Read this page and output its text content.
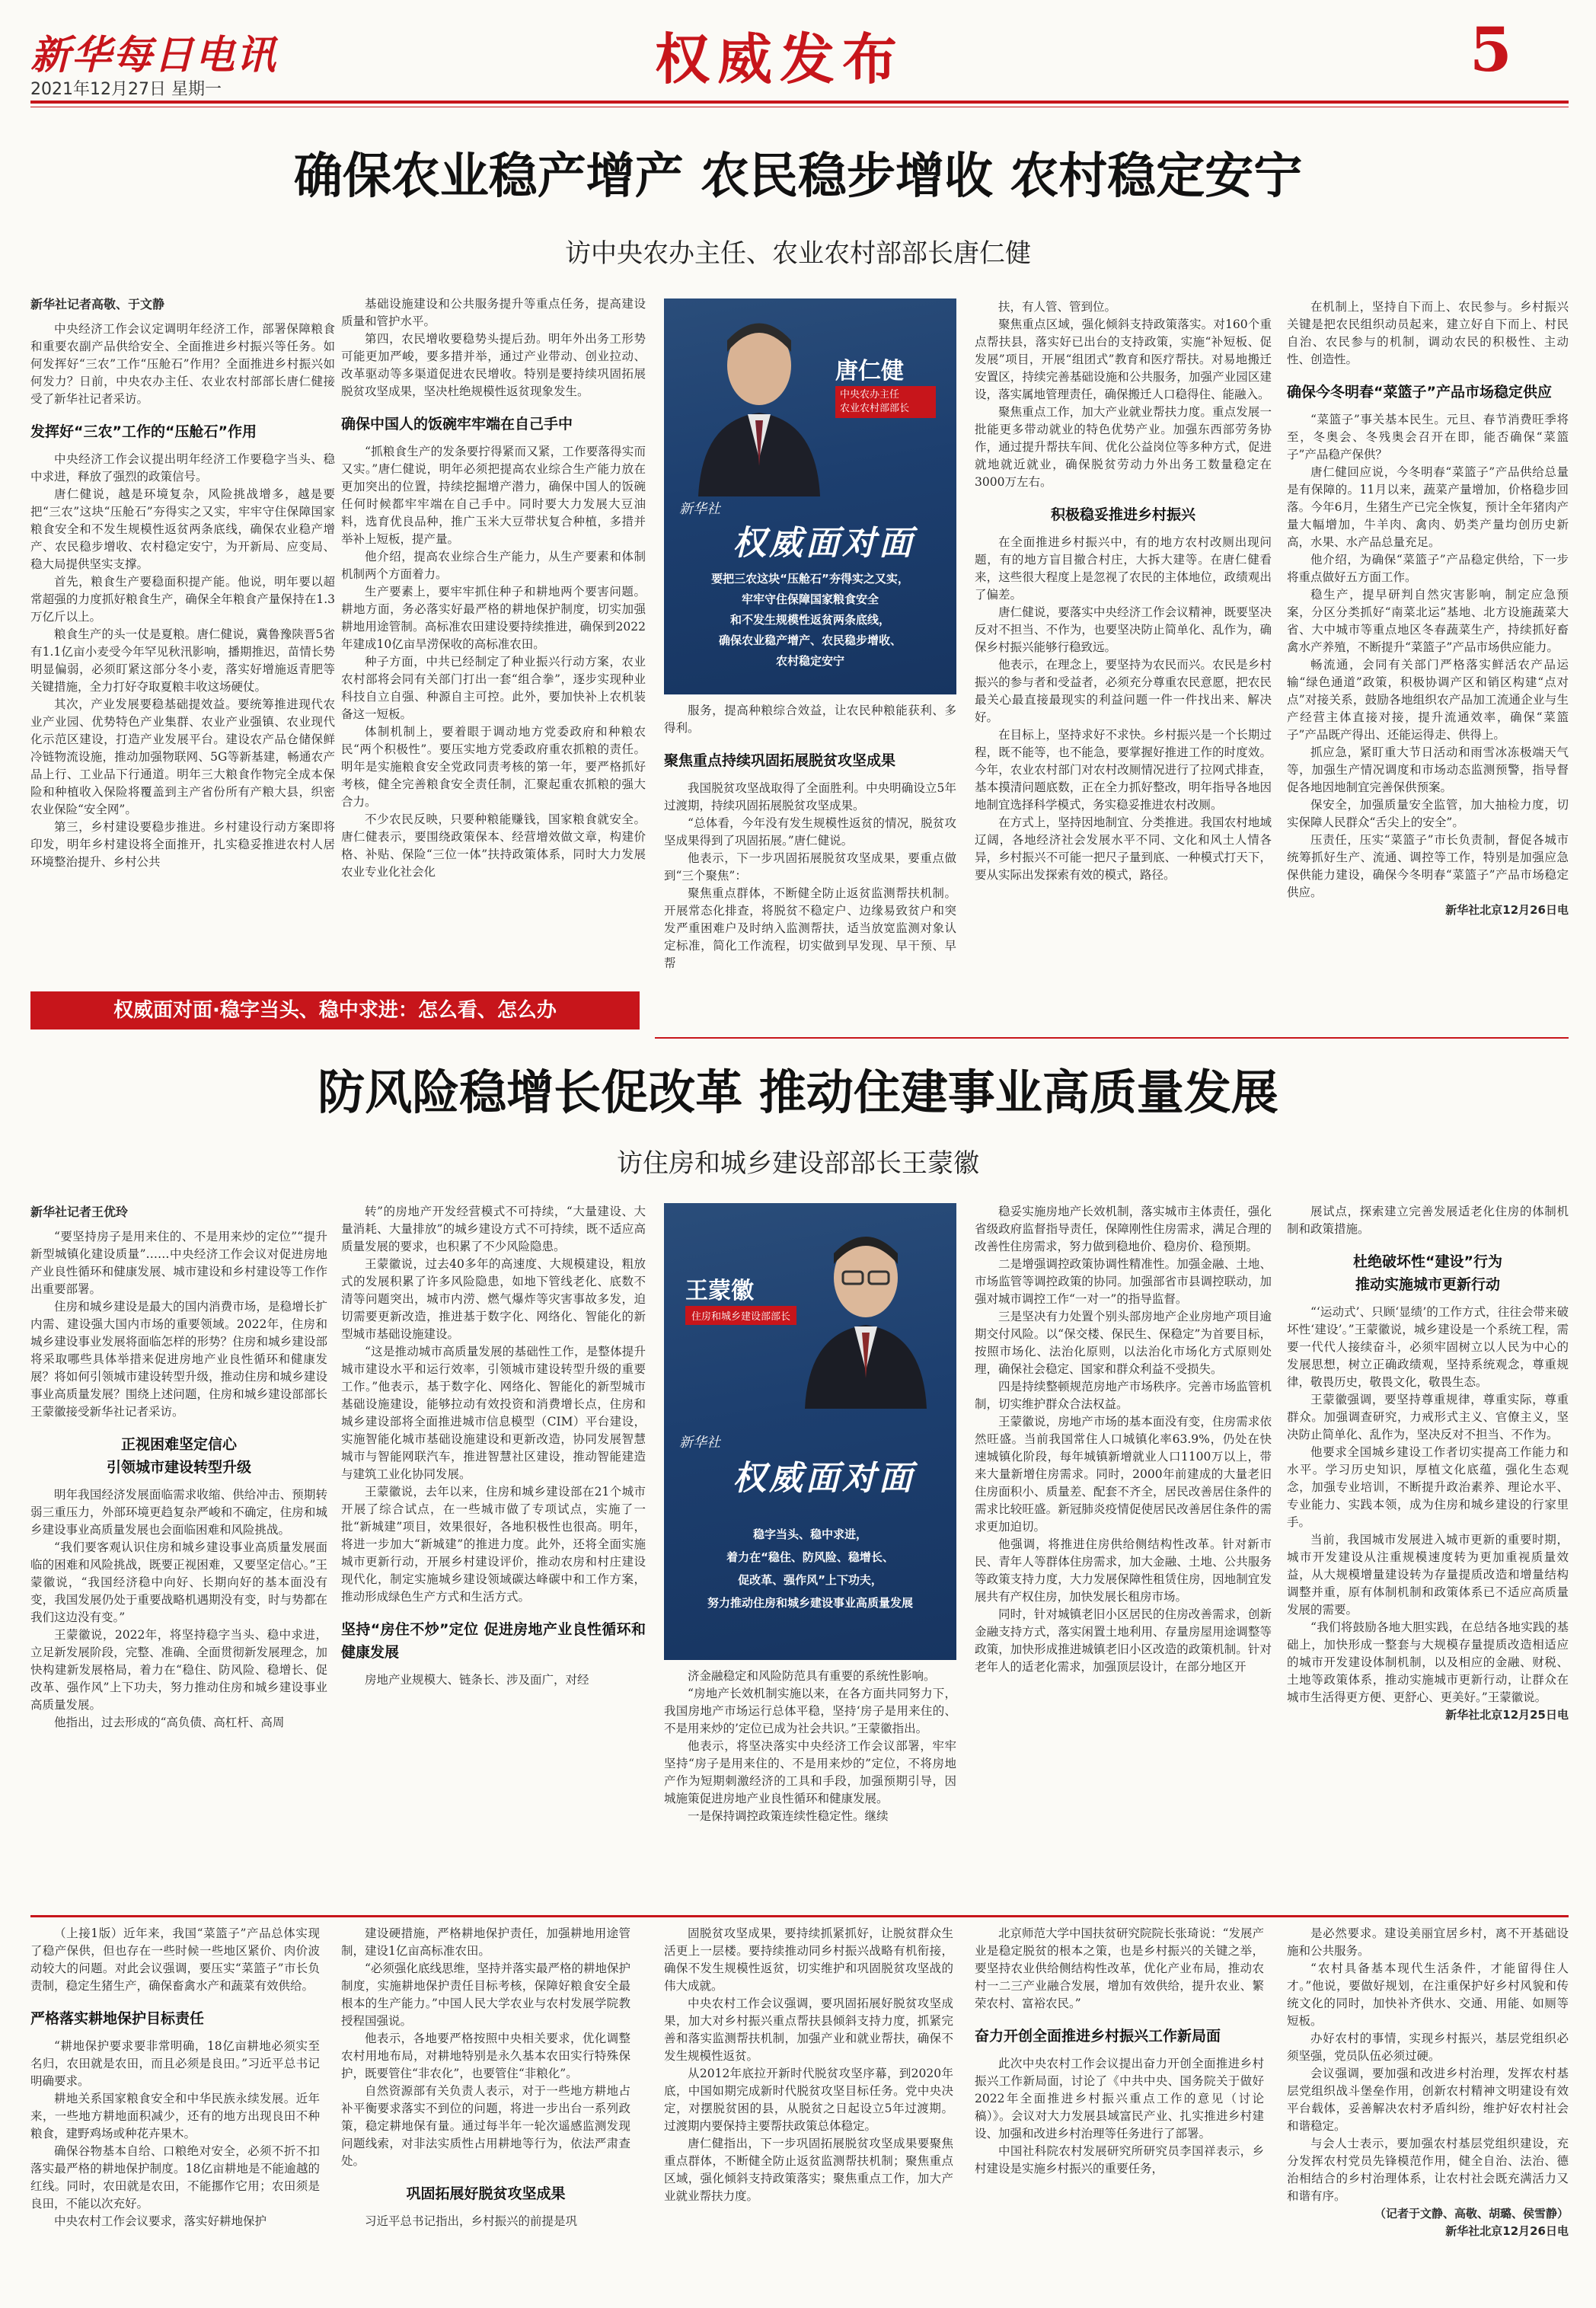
新华每日电讯
2021年12月27日 星期一	权威发布	5
确保农业稳产增产 农民稳步增收 农村稳定安宁
访中央农办主任、农业农村部部长唐仁健

新华社记者高敬、于文静

中央经济工作会议定调明年经济工作，部署保障粮食和重要农副产品供给安全、全面推进乡村振兴等任务。如何发挥好“三农”工作“压舱石”作用？全面推进乡村振兴如何发力？日前，中央农办主任、农业农村部部长唐仁健接受了新华社记者采访。

发挥好“三农”工作的“压舱石”作用

中央经济工作会议提出明年经济工作要稳字当头、稳中求进，释放了强烈的政策信号。

唐仁健说，越是环境复杂，风险挑战增多，越是要把“三农”这块“压舱石”夯得实之又实，牢牢守住保障国家粮食安全和不发生规模性返贫两条底线，确保农业稳产增产、农民稳步增收、农村稳定安宁，为开新局、应变局、稳大局提供坚实支撑。

首先，粮食生产要稳面积提产能。他说，明年要以超常超强的力度抓好粮食生产，确保全年粮食产量保持在1.3万亿斤以上。

粮食生产的头一仗是夏粮。唐仁健说，冀鲁豫陕晋5省有1.1亿亩小麦受今年罕见秋汛影响，播期推迟，苗情长势明显偏弱，必须盯紧这部分冬小麦，落实好增施返青肥等关键措施，全力打好夺取夏粮丰收这场硬仗。

其次，产业发展要稳基础提效益。要统筹推进现代农业产业园、优势特色产业集群、农业产业强镇、农业现代化示范区建设，打造产业发展平台。建设农产品仓储保鲜冷链物流设施，推动加强物联网、5G等新基建，畅通农产品上行、工业品下行通道。明年三大粮食作物完全成本保险和种植收入保险将覆盖到主产省份所有产粮大县，织密农业保险“安全网”。

第三，乡村建设要稳步推进。乡村建设行动方案即将印发，明年乡村建设将全面推开，扎实稳妥推进农村人居环境整治提升、乡村公共

基础设施建设和公共服务提升等重点任务，提高建设质量和管护水平。

第四，农民增收要稳势头提后劲。明年外出务工形势可能更加严峻，要多措并举，通过产业带动、创业拉动、改革驱动等多渠道促进农民增收。特别是要持续巩固拓展脱贫攻坚成果，坚决杜绝规模性返贫现象发生。

确保中国人的饭碗牢牢端在自己手中

“抓粮食生产的发条要拧得紧而又紧，工作要落得实而又实。”唐仁健说，明年必须把提高农业综合生产能力放在更加突出的位置，持续挖掘增产潜力，确保中国人的饭碗任何时候都牢牢端在自己手中。同时要大力发展大豆油料，选育优良品种，推广玉米大豆带状复合种植，多措并举补上短板，提产量。

他介绍，提高农业综合生产能力，从生产要素和体制机制两个方面着力。

生产要素上，要牢牢抓住种子和耕地两个要害问题。耕地方面，务必落实好最严格的耕地保护制度，切实加强耕地用途管制。高标准农田建设要持续推进，确保到2022年建成10亿亩旱涝保收的高标准农田。

种子方面，中共已经制定了种业振兴行动方案，农业农村部将会同有关部门打出一套“组合拳”，逐步实现种业科技自立自强、种源自主可控。此外，要加快补上农机装备这一短板。

体制机制上，要着眼于调动地方党委政府和种粮农民“两个积极性”。要压实地方党委政府重农抓粮的责任。明年是实施粮食安全党政同责考核的第一年，要严格抓好考核，健全完善粮食安全责任制，汇聚起重农抓粮的强大合力。

不少农民反映，只要种粮能赚钱，国家粮食就安全。唐仁健表示，要围绕政策保本、经营增效做文章，构建价格、补贴、保险“三位一体”扶持政策体系，同时大力发展农业专业化社会化

唐仁健
中央农办主任
农业农村部部长
新华社
权威面对面
要把三农这块“压舱石”夯得实之又实，
牢牢守住保障国家粮食安全
和不发生规模性返贫两条底线，
确保农业稳产增产、农民稳步增收、
农村稳定安宁

服务，提高种粮综合效益，让农民种粮能获利、多得利。

聚焦重点持续巩固拓展脱贫攻坚成果

我国脱贫攻坚战取得了全面胜利。中央明确设立5年过渡期，持续巩固拓展脱贫攻坚成果。

“总体看，今年没有发生规模性返贫的情况，脱贫攻坚成果得到了巩固拓展。”唐仁健说。

他表示，下一步巩固拓展脱贫攻坚成果，要重点做到“三个聚焦”：

聚焦重点群体，不断健全防止返贫监测帮扶机制。开展常态化排查，将脱贫不稳定户、边缘易致贫户和突发严重困难户及时纳入监测帮扶，适当放宽监测对象认定标准，简化工作流程，切实做到早发现、早干预、早帮

扶，有人管、管到位。

聚焦重点区域，强化倾斜支持政策落实。对160个重点帮扶县，落实好已出台的支持政策，实施“补短板、促发展”项目，开展“组团式”教育和医疗帮扶。对易地搬迁安置区，持续完善基础设施和公共服务，加强产业园区建设，落实属地管理责任，确保搬迁人口稳得住、能融入。

聚焦重点工作，加大产业就业帮扶力度。重点发展一批能更多带动就业的特色优势产业。加强东西部劳务协作，通过提升帮扶车间、优化公益岗位等多种方式，促进就地就近就业，确保脱贫劳动力外出务工数量稳定在3000万左右。

积极稳妥推进乡村振兴

在全面推进乡村振兴中，有的地方农村改厕出现问题，有的地方盲目撤合村庄，大拆大建等。在唐仁健看来，这些很大程度上是忽视了农民的主体地位，政绩观出了偏差。

唐仁健说，要落实中央经济工作会议精神，既要坚决反对不担当、不作为，也要坚决防止简单化、乱作为，确保乡村振兴能够行稳致远。

他表示，在理念上，要坚持为农民而兴。农民是乡村振兴的参与者和受益者，必须充分尊重农民意愿，把农民最关心最直接最现实的利益问题一件一件找出来、解决好。

在目标上，坚持求好不求快。乡村振兴是一个长期过程，既不能等，也不能急，要掌握好推进工作的时度效。今年，农业农村部门对农村改厕情况进行了拉网式排查，基本摸清问题底数，正在全力抓好整改，明年指导各地因地制宜选择科学模式，务实稳妥推进农村改厕。

在方式上，坚持因地制宜、分类推进。我国农村地域辽阔，各地经济社会发展水平不同、文化和风土人情各异，乡村振兴不可能一把尺子量到底、一种模式打天下，要从实际出发探索有效的模式，路径。

在机制上，坚持自下而上、农民参与。乡村振兴关键是把农民组织动员起来，建立好自下而上、村民自治、农民参与的机制，调动农民的积极性、主动性、创造性。

确保今冬明春“菜篮子”产品市场稳定供应

“菜篮子”事关基本民生。元旦、春节消费旺季将至，冬奥会、冬残奥会召开在即，能否确保“菜篮子”产品稳产保供？

唐仁健回应说，今冬明春“菜篮子”产品供给总量是有保障的。11月以来，蔬菜产量增加，价格稳步回落。今年6月，生猪生产已完全恢复，预计全年猪肉产量大幅增加，牛羊肉、禽肉、奶类产量均创历史新高，水果、水产品总量充足。

他介绍，为确保“菜篮子”产品稳定供给，下一步将重点做好五方面工作。

稳生产，提早研判自然灾害影响，制定应急预案，分区分类抓好“南菜北运”基地、北方设施蔬菜大省、大中城市等重点地区冬春蔬菜生产，持续抓好畜禽水产养殖，不断提升“菜篮子”产品市场供应能力。

畅流通，会同有关部门严格落实鲜活农产品运输“绿色通道”政策，积极协调产区和销区构建“点对点”对接关系，鼓励各地组织农产品加工流通企业与生产经营主体直接对接，提升流通效率，确保“菜篮子”产品既产得出、还能运得走、供得上。

抓应急，紧盯重大节日活动和雨雪冰冻极端天气等，加强生产情况调度和市场动态监测预警，指导督促各地因地制宜完善保供预案。

保安全，加强质量安全监管，加大抽检力度，切实保障人民群众“舌尖上的安全”。

压责任，压实“菜篮子”市长负责制，督促各城市统筹抓好生产、流通、调控等工作，特别是加强应急保供能力建设，确保今冬明春“菜篮子”产品市场稳定供应。

新华社北京12月26日电

权威面对面·稳字当头、稳中求进：怎么看、怎么办
防风险稳增长促改革 推动住建事业高质量发展
访住房和城乡建设部部长王蒙徽

新华社记者王优玲

“要坚持房子是用来住的、不是用来炒的定位”“提升新型城镇化建设质量”……中央经济工作会议对促进房地产业良性循环和健康发展、城市建设和乡村建设等工作作出重要部署。

住房和城乡建设是最大的国内消费市场，是稳增长扩内需、建设强大国内市场的重要领域。2022年，住房和城乡建设事业发展将面临怎样的形势？住房和城乡建设部将采取哪些具体举措来促进房地产业良性循环和健康发展？将如何引领城市建设转型升级，推动住房和城乡建设事业高质量发展？围绕上述问题，住房和城乡建设部部长王蒙徽接受新华社记者采访。

正视困难坚定信心
引领城市建设转型升级

明年我国经济发展面临需求收缩、供给冲击、预期转弱三重压力，外部环境更趋复杂严峻和不确定，住房和城乡建设事业高质量发展也会面临困难和风险挑战。

“我们要客观认识住房和城乡建设事业高质量发展面临的困难和风险挑战，既要正视困难，又要坚定信心。”王蒙徽说，“我国经济稳中向好、长期向好的基本面没有变，我国发展仍处于重要战略机遇期没有变，时与势都在我们这边没有变。”

王蒙徽说，2022年，将坚持稳字当头、稳中求进，立足新发展阶段，完整、准确、全面贯彻新发展理念，加快构建新发展格局，着力在“稳住、防风险、稳增长、促改革、强作风”上下功夫，努力推动住房和城乡建设事业高质量发展。

他指出，过去形成的“高负债、高杠杆、高周

转”的房地产开发经营模式不可持续，“大量建设、大量消耗、大量排放”的城乡建设方式不可持续，既不适应高质量发展的要求，也积累了不少风险隐患。

王蒙徽说，过去40多年的高速度、大规模建设，粗放式的发展积累了许多风险隐患，如地下管线老化、底数不清等问题突出，城市内涝、燃气爆炸等灾害事故多发，迫切需要更新改造，推进基于数字化、网络化、智能化的新型城市基础设施建设。

“这是推动城市高质量发展的基础性工作，是整体提升城市建设水平和运行效率，引领城市建设转型升级的重要工作。”他表示，基于数字化、网络化、智能化的新型城市基础设施建设，能够拉动有效投资和消费增长点，住房和城乡建设部将全面推进城市信息模型（CIM）平台建设，实施智能化城市基础设施建设和更新改造，协同发展智慧城市与智能网联汽车，推进智慧社区建设，推动智能建造与建筑工业化协同发展。

王蒙徽说，去年以来，住房和城乡建设部在21个城市开展了综合试点，在一些城市做了专项试点，实施了一批“新城建”项目，效果很好，各地积极性也很高。明年，将进一步加大“新城建”的推进力度。此外，还将全面实施城市更新行动，开展乡村建设评价，推动农房和村庄建设现代化，制定实施城乡建设领域碳达峰碳中和工作方案，推动形成绿色生产方式和生活方式。

坚持“房住不炒”定位 促进房地产业良性循环和健康发展

房地产业规模大、链条长、涉及面广，对经

王蒙徽
住房和城乡建设部部长
新华社
权威面对面
稳字当头、稳中求进，
着力在“稳住、防风险、稳增长、
促改革、强作风”上下功夫，
努力推动住房和城乡建设事业高质量发展

济金融稳定和风险防范具有重要的系统性影响。

“房地产长效机制实施以来，在各方面共同努力下，我国房地产市场运行总体平稳，坚持‘房子是用来住的、不是用来炒的’定位已成为社会共识。”王蒙徽指出。

他表示，将坚决落实中央经济工作会议部署，牢牢坚持“房子是用来住的、不是用来炒的”定位，不将房地产作为短期刺激经济的工具和手段，加强预期引导，因城施策促进房地产业良性循环和健康发展。

一是保持调控政策连续性稳定性。继续

稳妥实施房地产长效机制，落实城市主体责任，强化省级政府监督指导责任，保障刚性住房需求，满足合理的改善性住房需求，努力做到稳地价、稳房价、稳预期。

二是增强调控政策协调性精准性。加强金融、土地、市场监管等调控政策的协同。加强部省市县调控联动，加强对城市调控工作“一对一”的指导监督。

三是坚决有力处置个别头部房地产企业房地产项目逾期交付风险。以“保交楼、保民生、保稳定”为首要目标，按照市场化、法治化原则，以法治化市场化方式原则处理，确保社会稳定、国家和群众利益不受损失。

四是持续整顿规范房地产市场秩序。完善市场监管机制，切实维护群众合法权益。

王蒙徽说，房地产市场的基本面没有变，住房需求依然旺盛。当前我国常住人口城镇化率63.9%，仍处在快速城镇化阶段，每年城镇新增就业人口1100万以上，带来大量新增住房需求。同时，2000年前建成的大量老旧住房面积小、质量差、配套不齐全，居民改善居住条件的需求比较旺盛。新冠肺炎疫情促使居民改善居住条件的需求更加迫切。

他强调，将推进住房供给侧结构性改革。针对新市民、青年人等群体住房需求，加大金融、土地、公共服务等政策支持力度，大力发展保障性租赁住房，因地制宜发展共有产权住房，加快发展长租房市场。

同时，针对城镇老旧小区居民的住房改善需求，创新金融支持方式，落实闲置土地利用、存量房屋用途调整等政策，加快形成推进城镇老旧小区改造的政策机制。针对老年人的适老化需求，加强顶层设计，在部分地区开

展试点，探索建立完善发展适老化住房的体制机制和政策措施。

杜绝破坏性“建设”行为
推动实施城市更新行动

“‘运动式’、只顾‘显绩’的工作方式，往往会带来破坏性‘建设’。”王蒙徽说，城乡建设是一个系统工程，需要一代代人接续奋斗，必须牢固树立以人民为中心的发展思想，树立正确政绩观，坚持系统观念，尊重规律，敬畏历史，敬畏文化，敬畏生态。

王蒙徽强调，要坚持尊重规律，尊重实际，尊重群众。加强调查研究，力戒形式主义、官僚主义，坚决防止简单化、乱作为，坚决反对不担当、不作为。

他要求全国城乡建设工作者切实提高工作能力和水平。学习历史知识，厚植文化底蕴，强化生态观念，加强专业培训，不断提升政治素养、理论水平、专业能力、实践本领，成为住房和城乡建设的行家里手。

当前，我国城市发展进入城市更新的重要时期，城市开发建设从注重规模速度转为更加重视质量效益，从大规模增量建设转为存量提质改造和增量结构调整并重，原有体制机制和政策体系已不适应高质量发展的需要。

“我们将鼓励各地大胆实践，在总结各地实践的基础上，加快形成一整套与大规模存量提质改造相适应的城市开发建设体制机制，以及相应的金融、财税、土地等政策体系，推动实施城市更新行动，让群众在城市生活得更方便、更舒心、更美好。”王蒙徽说。

新华社北京12月25日电

（上接1版）近年来，我国“菜篮子”产品总体实现了稳产保供，但也存在一些时候一些地区紧价、肉价波动较大的问题。对此会议强调，要压实“菜篮子”市长负责制，稳定生猪生产，确保畜禽水产和蔬菜有效供给。

严格落实耕地保护目标责任

“耕地保护要求要非常明确，18亿亩耕地必须实至名归，农田就是农田，而且必须是良田。”习近平总书记明确要求。

耕地关系国家粮食安全和中华民族永续发展。近年来，一些地方耕地面积减少，还有的地方出现良田不种粮食，建野鸡场或种花卉果木。

确保谷物基本自给、口粮绝对安全，必须不折不扣落实最严格的耕地保护制度。18亿亩耕地是不能逾越的红线。同时，农田就是农田，不能挪作它用；农田须是良田，不能以次充好。

中央农村工作会议要求，落实好耕地保护

建设硬措施，严格耕地保护责任，加强耕地用途管制，建设1亿亩高标准农田。

“必须强化底线思维，坚持并落实最严格的耕地保护制度，实施耕地保护责任目标考核，保障好粮食安全最根本的生产能力。”中国人民大学农业与农村发展学院教授程国强说。

他表示，各地要严格按照中央相关要求，优化调整农村用地布局，对耕地特别是永久基本农田实行特殊保护，既要管住“非农化”，也要管住“非粮化”。

自然资源部有关负责人表示，对于一些地方耕地占补平衡要求落实不到位的问题，将进一步出台一系列政策，稳定耕地保有量。通过每半年一轮次遥感监测发现问题线索，对非法实质性占用耕地等行为，依法严肃查处。

巩固拓展好脱贫攻坚成果

习近平总书记指出，乡村振兴的前提是巩

固脱贫攻坚成果，要持续抓紧抓好，让脱贫群众生活更上一层楼。要持续推动同乡村振兴战略有机衔接，确保不发生规模性返贫，切实维护和巩固脱贫攻坚战的伟大成就。

中央农村工作会议强调，要巩固拓展好脱贫攻坚成果，加大对乡村振兴重点帮扶县倾斜支持力度，抓紧完善和落实监测帮扶机制，加强产业和就业帮扶，确保不发生规模性返贫。

从2012年底拉开新时代脱贫攻坚序幕，到2020年底，中国如期完成新时代脱贫攻坚目标任务。党中央决定，对摆脱贫困的县，从脱贫之日起设立5年过渡期。过渡期内要保持主要帮扶政策总体稳定。

唐仁健指出，下一步巩固拓展脱贫攻坚成果要聚焦重点群体，不断健全防止返贫监测帮扶机制；聚焦重点区域，强化倾斜支持政策落实；聚焦重点工作，加大产业就业帮扶力度。

北京师范大学中国扶贫研究院院长张琦说：“发展产业是稳定脱贫的根本之策，也是乡村振兴的关键之举，要坚持农业供给侧结构性改革，优化产业布局，推动农村一二三产业融合发展，增加有效供给，提升农业、繁荣农村、富裕农民。”

奋力开创全面推进乡村振兴工作新局面

此次中央农村工作会议提出奋力开创全面推进乡村振兴工作新局面，讨论了《中共中央、国务院关于做好2022年全面推进乡村振兴重点工作的意见（讨论稿）》。会议对大力发展县域富民产业、扎实推进乡村建设、加强和改进乡村治理等任务进行了部署。

中国社科院农村发展研究所研究员李国祥表示，乡村建设是实施乡村振兴的重要任务，

是必然要求。建设美丽宜居乡村，离不开基础设施和公共服务。

“农村具备基本现代生活条件，才能留得住人才。”他说，要做好规划，在注重保护好乡村风貌和传统文化的同时，加快补齐供水、交通、用能、如厕等短板。

办好农村的事情，实现乡村振兴，基层党组织必须坚强，党员队伍必须过硬。

会议强调，要加强和改进乡村治理，发挥农村基层党组织战斗堡垒作用，创新农村精神文明建设有效平台载体，妥善解决农村矛盾纠纷，维护好农村社会和谐稳定。

与会人士表示，要加强农村基层党组织建设，充分发挥农村党员先锋模范作用，健全自治、法治、德治相结合的乡村治理体系，让农村社会既充满活力又和谐有序。

（记者于文静、高敬、胡璐、侯雪静）

新华社北京12月26日电
